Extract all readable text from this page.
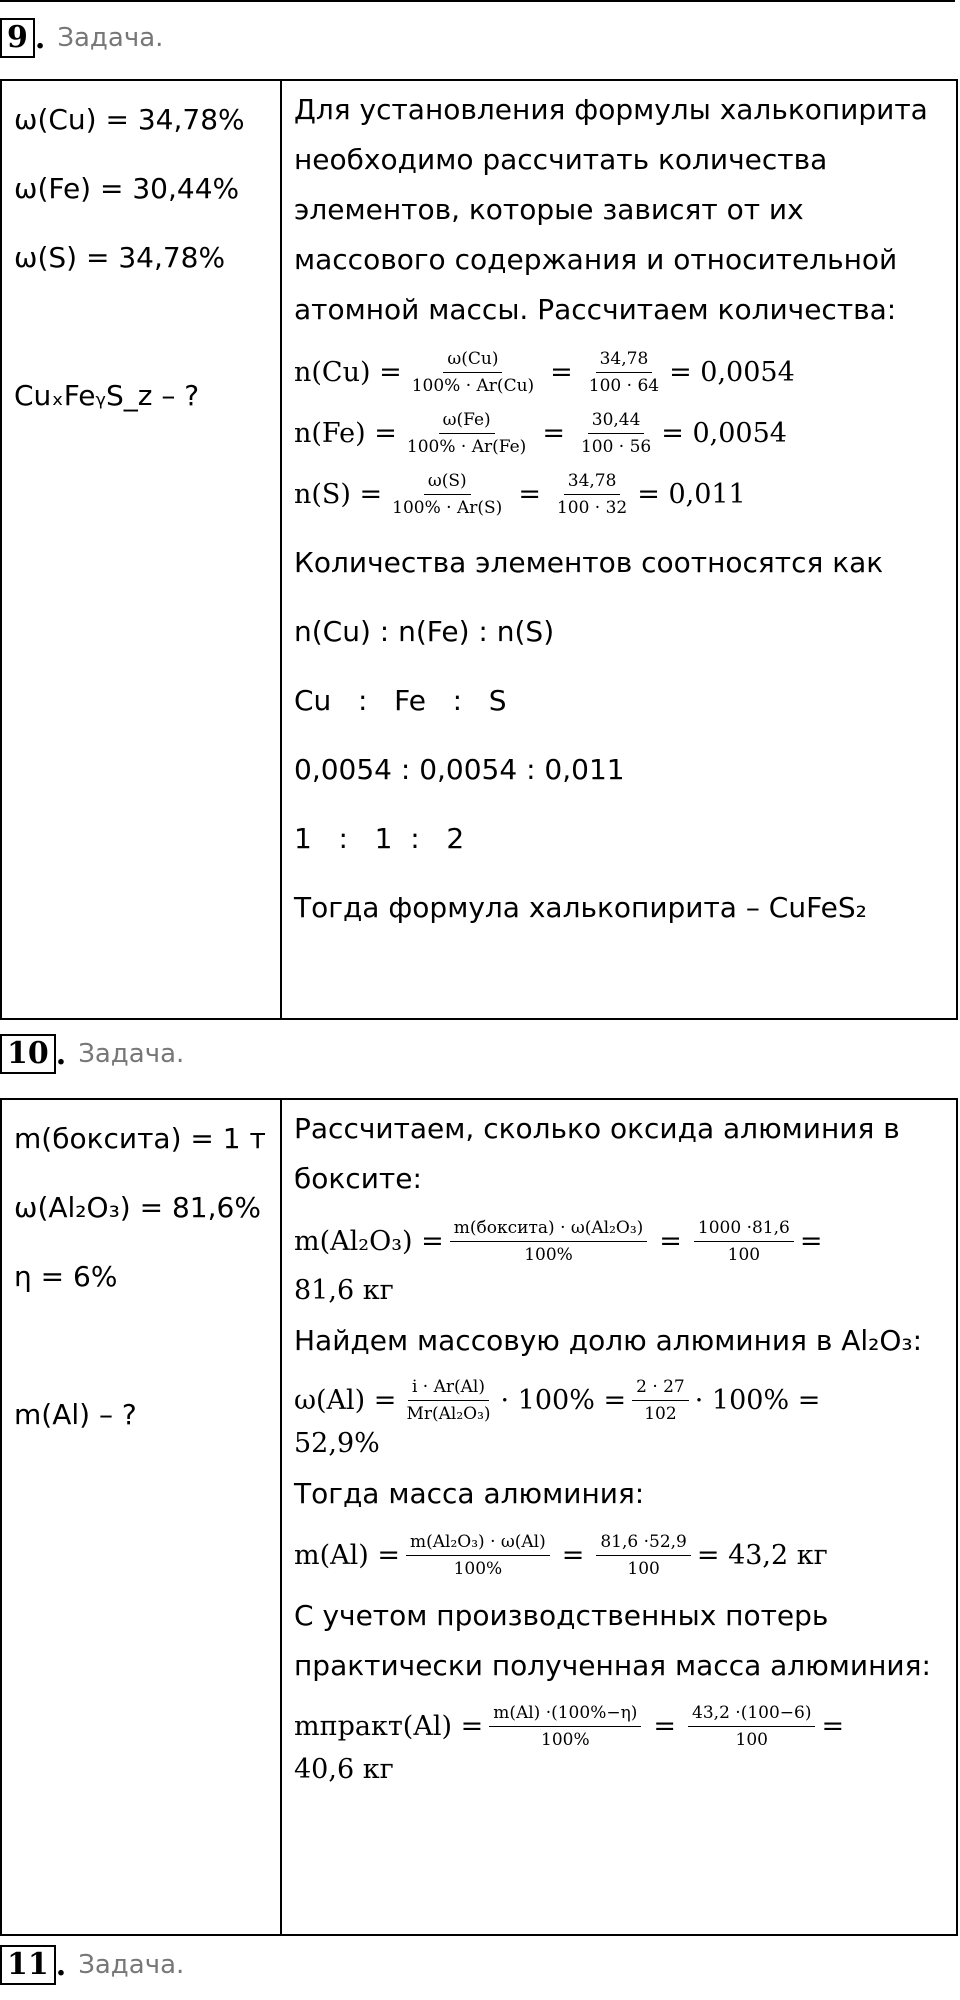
9 . Задача.
ω(Cu) = 34,78%
ω(Fe) = 30,44%
ω(S) = 34,78%
CuₓFeᵧS_z – ?

Для установления формулы халькопирита необходимо рассчитать количества элементов, которые зависят от их массового содержания и относительной атомной массы. Рассчитаем количества:

$n(Cu) = \frac{\omega(Cu)}{100\% \cdot Ar(Cu)} = \frac{34,78}{100 \cdot 64} = 0,0054$
$n(Fe) = \frac{\omega(Fe)}{100\% \cdot Ar(Fe)} = \frac{30,44}{100 \cdot 56} = 0,0054$
$n(S) = \frac{\omega(S)}{100\% \cdot Ar(S)} = \frac{34,78}{100 \cdot 32} = 0,011$
Количества элементов соотносятся как
n(Cu) : n(Fe) : n(S)
Cu   :   Fe   :   S
0,0054 : 0,0054 : 0,011
1   :   1  :   2
Тогда формула халькопирита – CuFeS₂
10 . Задача.
m(боксита) = 1 т
ω(Al₂O₃) = 81,6%
η = 6%
m(Al) – ?

Рассчитаем, сколько оксида алюминия в боксите:

m(Al₂O₃) = m(боксита) · ω(Al₂O₃)
100%	= $\frac{1000 \cdot 81,6}{100}$ =
81,6 кг
Найдем массовую долю алюминия в Al₂O₃:
$\omega(Al) = \frac{i \cdot Ar(Al)}{\text{Mr(Al₂O₃)}} \cdot 100\% = \frac{2 \cdot 27}{102} \cdot 100\%$ =
52,9%
Тогда масса алюминия:
$m(Al) = \frac{\text{m(Al₂O₃) · ω(Al)}}{100\%} = \frac{81,6 \cdot 52,9}{100} = 43,2$ кг

С учетом производственных потерь практически полученная масса алюминия:

mпракт(Al) = $\frac{m(Al) \cdot(100\%-\eta)}{100\%} = \frac{43,2 \cdot(100-6)}{100}$ =
40,6 кг
11 . Задача.
